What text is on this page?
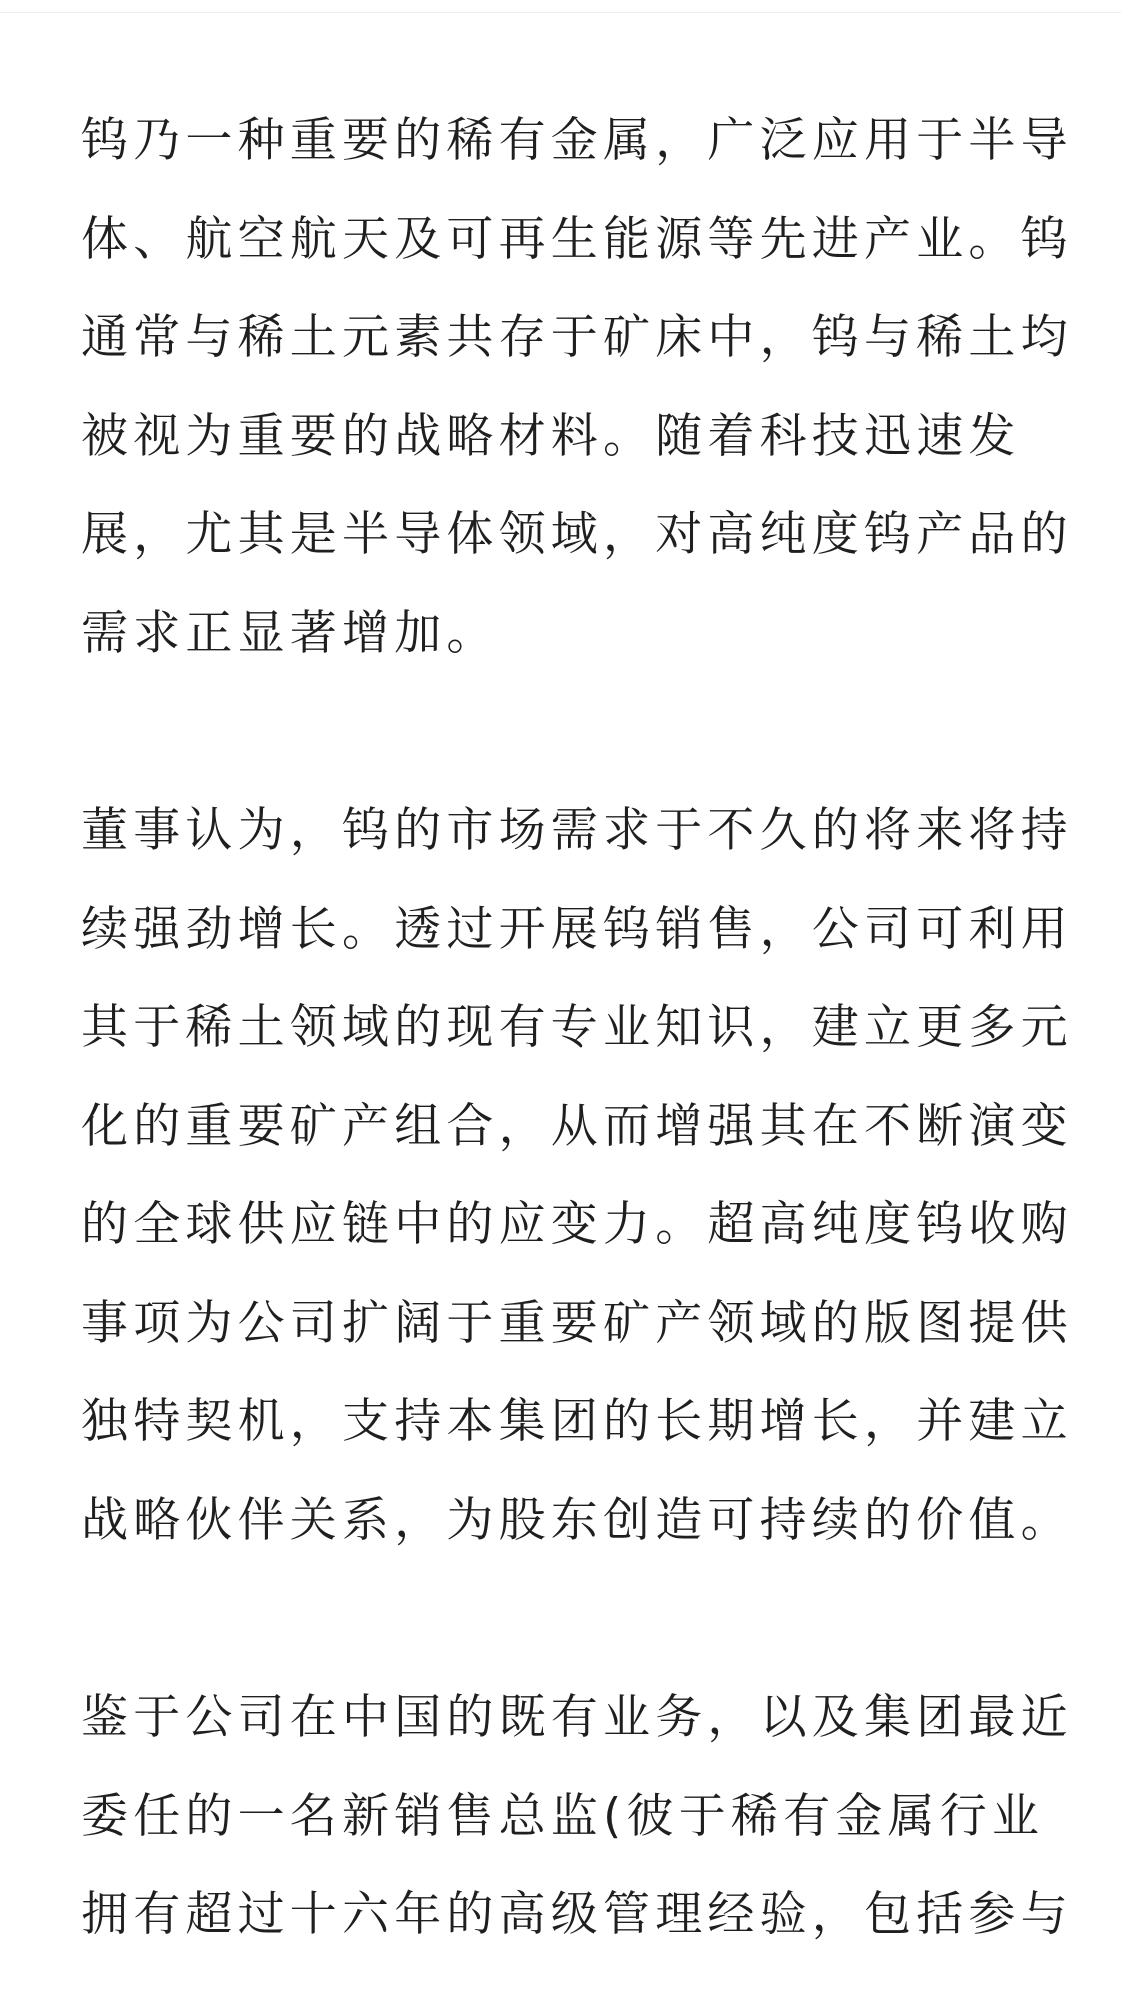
钨乃一种重要的稀有金属，广泛应用于半导
体、航空航天及可再生能源等先进产业。钨
通常与稀土元素共存于矿床中，钨与稀土均
被视为重要的战略材料。随着科技迅速发
展，尤其是半导体领域，对高纯度钨产品的
需求正显著增加。
董事认为，钨的市场需求于不久的将来将持
续强劲增长。透过开展钨销售，公司可利用
其于稀土领域的现有专业知识，建立更多元
化的重要矿产组合，从而增强其在不断演变
的全球供应链中的应变力。超高纯度钨收购
事项为公司扩阔于重要矿产领域的版图提供
独特契机，支持本集团的长期增长，并建立
战略伙伴关系，为股东创造可持续的价值。
鉴于公司在中国的既有业务，以及集团最近
委任的一名新销售总监(彼于稀有金属行业
拥有超过十六年的高级管理经验，包括参与
